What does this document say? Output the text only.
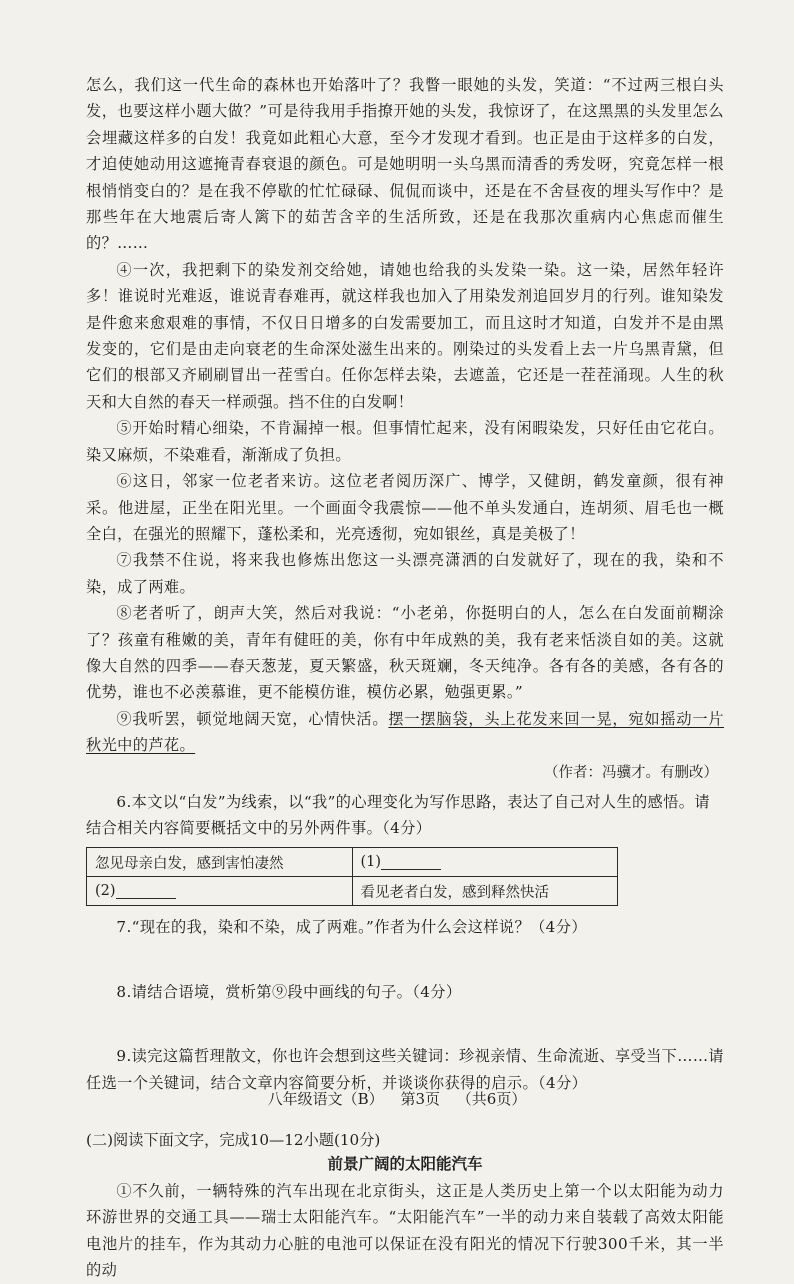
怎么，我们这一代生命的森林也开始落叶了？我瞥一眼她的头发，笑道：“不过两三根白头发，也要这样小题大做？”可是待我用手指撩开她的头发，我惊讶了，在这黑黑的头发里怎么会埋藏这样多的白发！我竟如此粗心大意，至今才发现才看到。也正是由于这样多的白发，才迫使她动用这遮掩青春衰退的颜色。可是她明明一头乌黑而清香的秀发呀，究竟怎样一根根悄悄变白的？是在我不停歇的忙忙碌碌、侃侃而谈中，还是在不舍昼夜的埋头写作中？是那些年在大地震后寄人篱下的茹苦含辛的生活所致，还是在我那次重病内心焦虑而催生的？……

④一次，我把剩下的染发剂交给她，请她也给我的头发染一染。这一染，居然年轻许多！谁说时光难返，谁说青春难再，就这样我也加入了用染发剂追回岁月的行列。谁知染发是件愈来愈艰难的事情，不仅日日增多的白发需要加工，而且这时才知道，白发并不是由黑发变的，它们是由走向衰老的生命深处滋生出来的。刚染过的头发看上去一片乌黑青黛，但它们的根部又齐刷刷冒出一茬雪白。任你怎样去染，去遮盖，它还是一茬茬涌现。人生的秋天和大自然的春天一样顽强。挡不住的白发啊！

⑤开始时精心细染，不肯漏掉一根。但事情忙起来，没有闲暇染发，只好任由它花白。染又麻烦，不染难看，渐渐成了负担。

⑥这日，邻家一位老者来访。这位老者阅历深广、博学，又健朗，鹤发童颜，很有神采。他进屋，正坐在阳光里。一个画面令我震惊——他不单头发通白，连胡须、眉毛也一概全白，在强光的照耀下，蓬松柔和，光亮透彻，宛如银丝，真是美极了！

⑦我禁不住说，将来我也修炼出您这一头漂亮潇洒的白发就好了，现在的我，染和不染，成了两难。

⑧老者听了，朗声大笑，然后对我说：“小老弟，你挺明白的人，怎么在白发面前糊涂了？孩童有稚嫩的美，青年有健旺的美，你有中年成熟的美，我有老来恬淡自如的美。这就像大自然的四季——春天葱茏，夏天繁盛，秋天斑斓，冬天纯净。各有各的美感，各有各的优势，谁也不必羡慕谁，更不能模仿谁，模仿必累，勉强更累。”

⑨我听罢，顿觉地阔天宽，心情快活。摆一摆脑袋，头上花发来回一晃，宛如摇动一片秋光中的芦花。

（作者：冯骥才。有删改）

6.本文以“白发”为线索，以“我”的心理变化为写作思路，表达了自己对人生的感悟。请结合相关内容简要概括文中的另外两件事。（4分）

忽见母亲白发，感到害怕凄然	(1)
(2)	看见老者白发，感到释然快活

7.“现在的我，染和不染，成了两难。”作者为什么会这样说？（4分）

8.请结合语境，赏析第⑨段中画线的句子。（4分）

9.读完这篇哲理散文，你也许会想到这些关键词：珍视亲情、生命流逝、享受当下……请任选一个关键词，结合文章内容简要分析，并谈谈你获得的启示。（4分）

(二)阅读下面文字，完成10—12小题(10分)

前景广阔的太阳能汽车

①不久前，一辆特殊的汽车出现在北京街头，这正是人类历史上第一个以太阳能为动力环游世界的交通工具——瑞士太阳能汽车。“太阳能汽车”一半的动力来自装载了高效太阳能电池片的挂车，作为其动力心脏的电池可以保证在没有阳光的情况下行驶300千米，其一半的动

八年级语文（B） 第3页 （共6页）
